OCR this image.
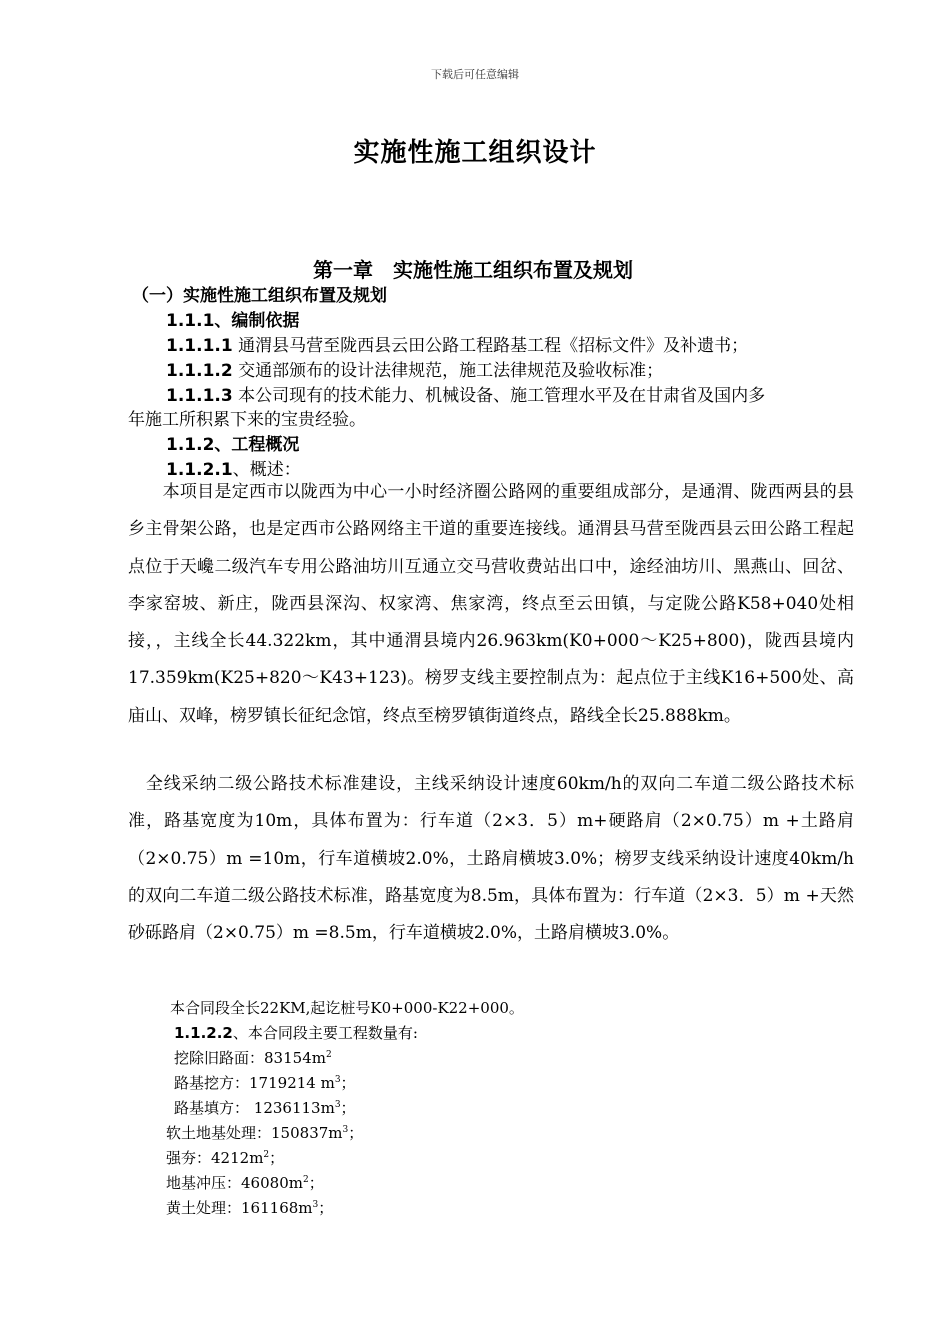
下载后可任意编辑
实施性施工组织设计
第一章　实施性施工组织布置及规划
（一）实施性施工组织布置及规划
1.1.1、编制依据
1.1.1.1 通渭县马营至陇西县云田公路工程路基工程《招标文件》及补遗书；
1.1.1.2 交通部颁布的设计法律规范，施工法律规范及验收标准；
1.1.1.3 本公司现有的技术能力、机械设备、施工管理水平及在甘肃省及国内多
年施工所积累下来的宝贵经验。
1.1.2、工程概况
1.1.2.1、概述：
　　本项目是定西市以陇西为中心一小时经济圈公路网的重要组成部分，是通渭、陇西两县的县乡主骨架公路，也是定西市公路网络主干道的重要连接线。通渭县马营至陇西县云田公路工程起点位于天巉二级汽车专用公路油坊川互通立交马营收费站出口中，途经油坊川、黑燕山、回岔、李家窑坡、新庄，陇西县深沟、权家湾、焦家湾，终点至云田镇，与定陇公路K58+040处相接，，主线全长44.322km，其中通渭县境内26.963km(K0+000～K25+800)，陇西县境内17.359km(K25+820～K43+123)。榜罗支线主要控制点为：起点位于主线K16+500处、高庙山、双峰，榜罗镇长征纪念馆，终点至榜罗镇街道终点，路线全长25.888km。
　全线采纳二级公路技术标准建设，主线采纳设计速度60km/h的双向二车道二级公路技术标准，路基宽度为10m，具体布置为：行车道（2×3．5）m+硬路肩（2×0.75）m +土路肩（2×0.75）m =10m，行车道横坡2.0%，土路肩横坡3.0%；榜罗支线采纳设计速度40km/h的双向二车道二级公路技术标准，路基宽度为8.5m，具体布置为：行车道（2×3．5）m +天然砂砾路肩（2×0.75）m =8.5m，行车道横坡2.0%，土路肩横坡3.0%。
本合同段全长22KM,起讫桩号K0+000-K22+000。
1.1.2.2、本合同段主要工程数量有:
挖除旧路面：$83154m^2$
路基挖方：1719214 $m^3$；
路基填方： $1236113m^3$；
软土地基处理：$150837m^3$；
强夯：$4212m^2$；
地基冲压：$46080m^2$；
黄土处理：$161168m^3$；
